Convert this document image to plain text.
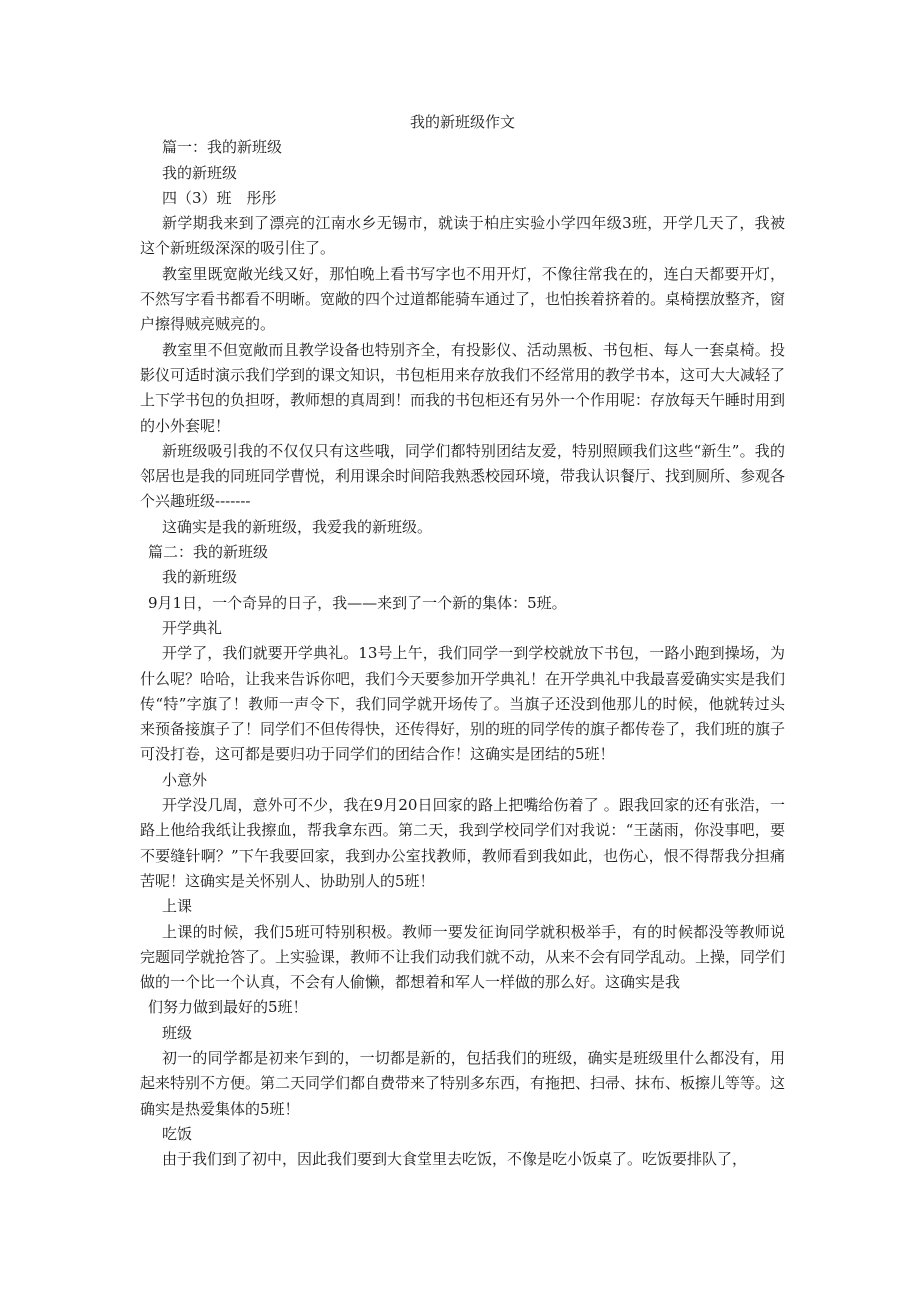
我的新班级作文

篇一：我的新班级

我的新班级

四（3）班　彤彤

新学期我来到了漂亮的江南水乡无锡市，就读于柏庄实验小学四年级3班，开学几天了，我被这个新班级深深的吸引住了。

教室里既宽敞光线又好，那怕晚上看书写字也不用开灯，不像往常我在的，连白天都要开灯，不然写字看书都看不明晰。宽敞的四个过道都能骑车通过了，也怕挨着挤着的。桌椅摆放整齐，窗户擦得贼亮贼亮的。

教室里不但宽敞而且教学设备也特别齐全，有投影仪、活动黑板、书包柜、每人一套桌椅。投影仪可适时演示我们学到的课文知识，书包柜用来存放我们不经常用的教学书本，这可大大减轻了上下学书包的负担呀，教师想的真周到！而我的书包柜还有另外一个作用呢：存放每天午睡时用到的小外套呢！

新班级吸引我的不仅仅只有这些哦，同学们都特别团结友爱，特别照顾我们这些“新生”。我的邻居也是我的同班同学曹悦，利用课余时间陪我熟悉校园环境，带我认识餐厅、找到厕所、参观各个兴趣班级-------

这确实是我的新班级，我爱我的新班级。

篇二：我的新班级

我的新班级

9月1日，一个奇异的日子，我——来到了一个新的集体：5班。

开学典礼

开学了，我们就要开学典礼。13号上午，我们同学一到学校就放下书包，一路小跑到操场，为什么呢？哈哈，让我来告诉你吧，我们今天要参加开学典礼！在开学典礼中我最喜爱确实实是我们传“特”字旗了！教师一声令下，我们同学就开场传了。当旗子还没到他那儿的时候，他就转过头来预备接旗子了！同学们不但传得快，还传得好，别的班的同学传的旗子都传卷了，我们班的旗子可没打卷，这可都是要归功于同学们的团结合作！这确实是团结的5班！

小意外

开学没几周，意外可不少，我在9月20日回家的路上把嘴给伤着了 。跟我回家的还有张浩，一路上他给我纸让我擦血，帮我拿东西。第二天，我到学校同学们对我说：“王菡雨，你没事吧，要不要缝针啊？”下午我要回家，我到办公室找教师，教师看到我如此，也伤心，恨不得帮我分担痛苦呢！这确实是关怀别人、协助别人的5班！

上课

上课的时候，我们5班可特别积极。教师一要发征询同学就积极举手，有的时候都没等教师说完题同学就抢答了。上实验课，教师不让我们动我们就不动，从来不会有同学乱动。上操，同学们做的一个比一个认真，不会有人偷懒，都想着和军人一样做的那么好。这确实是我

们努力做到最好的5班！

班级

初一的同学都是初来乍到的，一切都是新的，包括我们的班级，确实是班级里什么都没有，用起来特别不方便。第二天同学们都自费带来了特别多东西，有拖把、扫帚、抹布、板擦儿等等。这确实是热爱集体的5班！

吃饭

由于我们到了初中，因此我们要到大食堂里去吃饭，不像是吃小饭桌了。吃饭要排队了，
